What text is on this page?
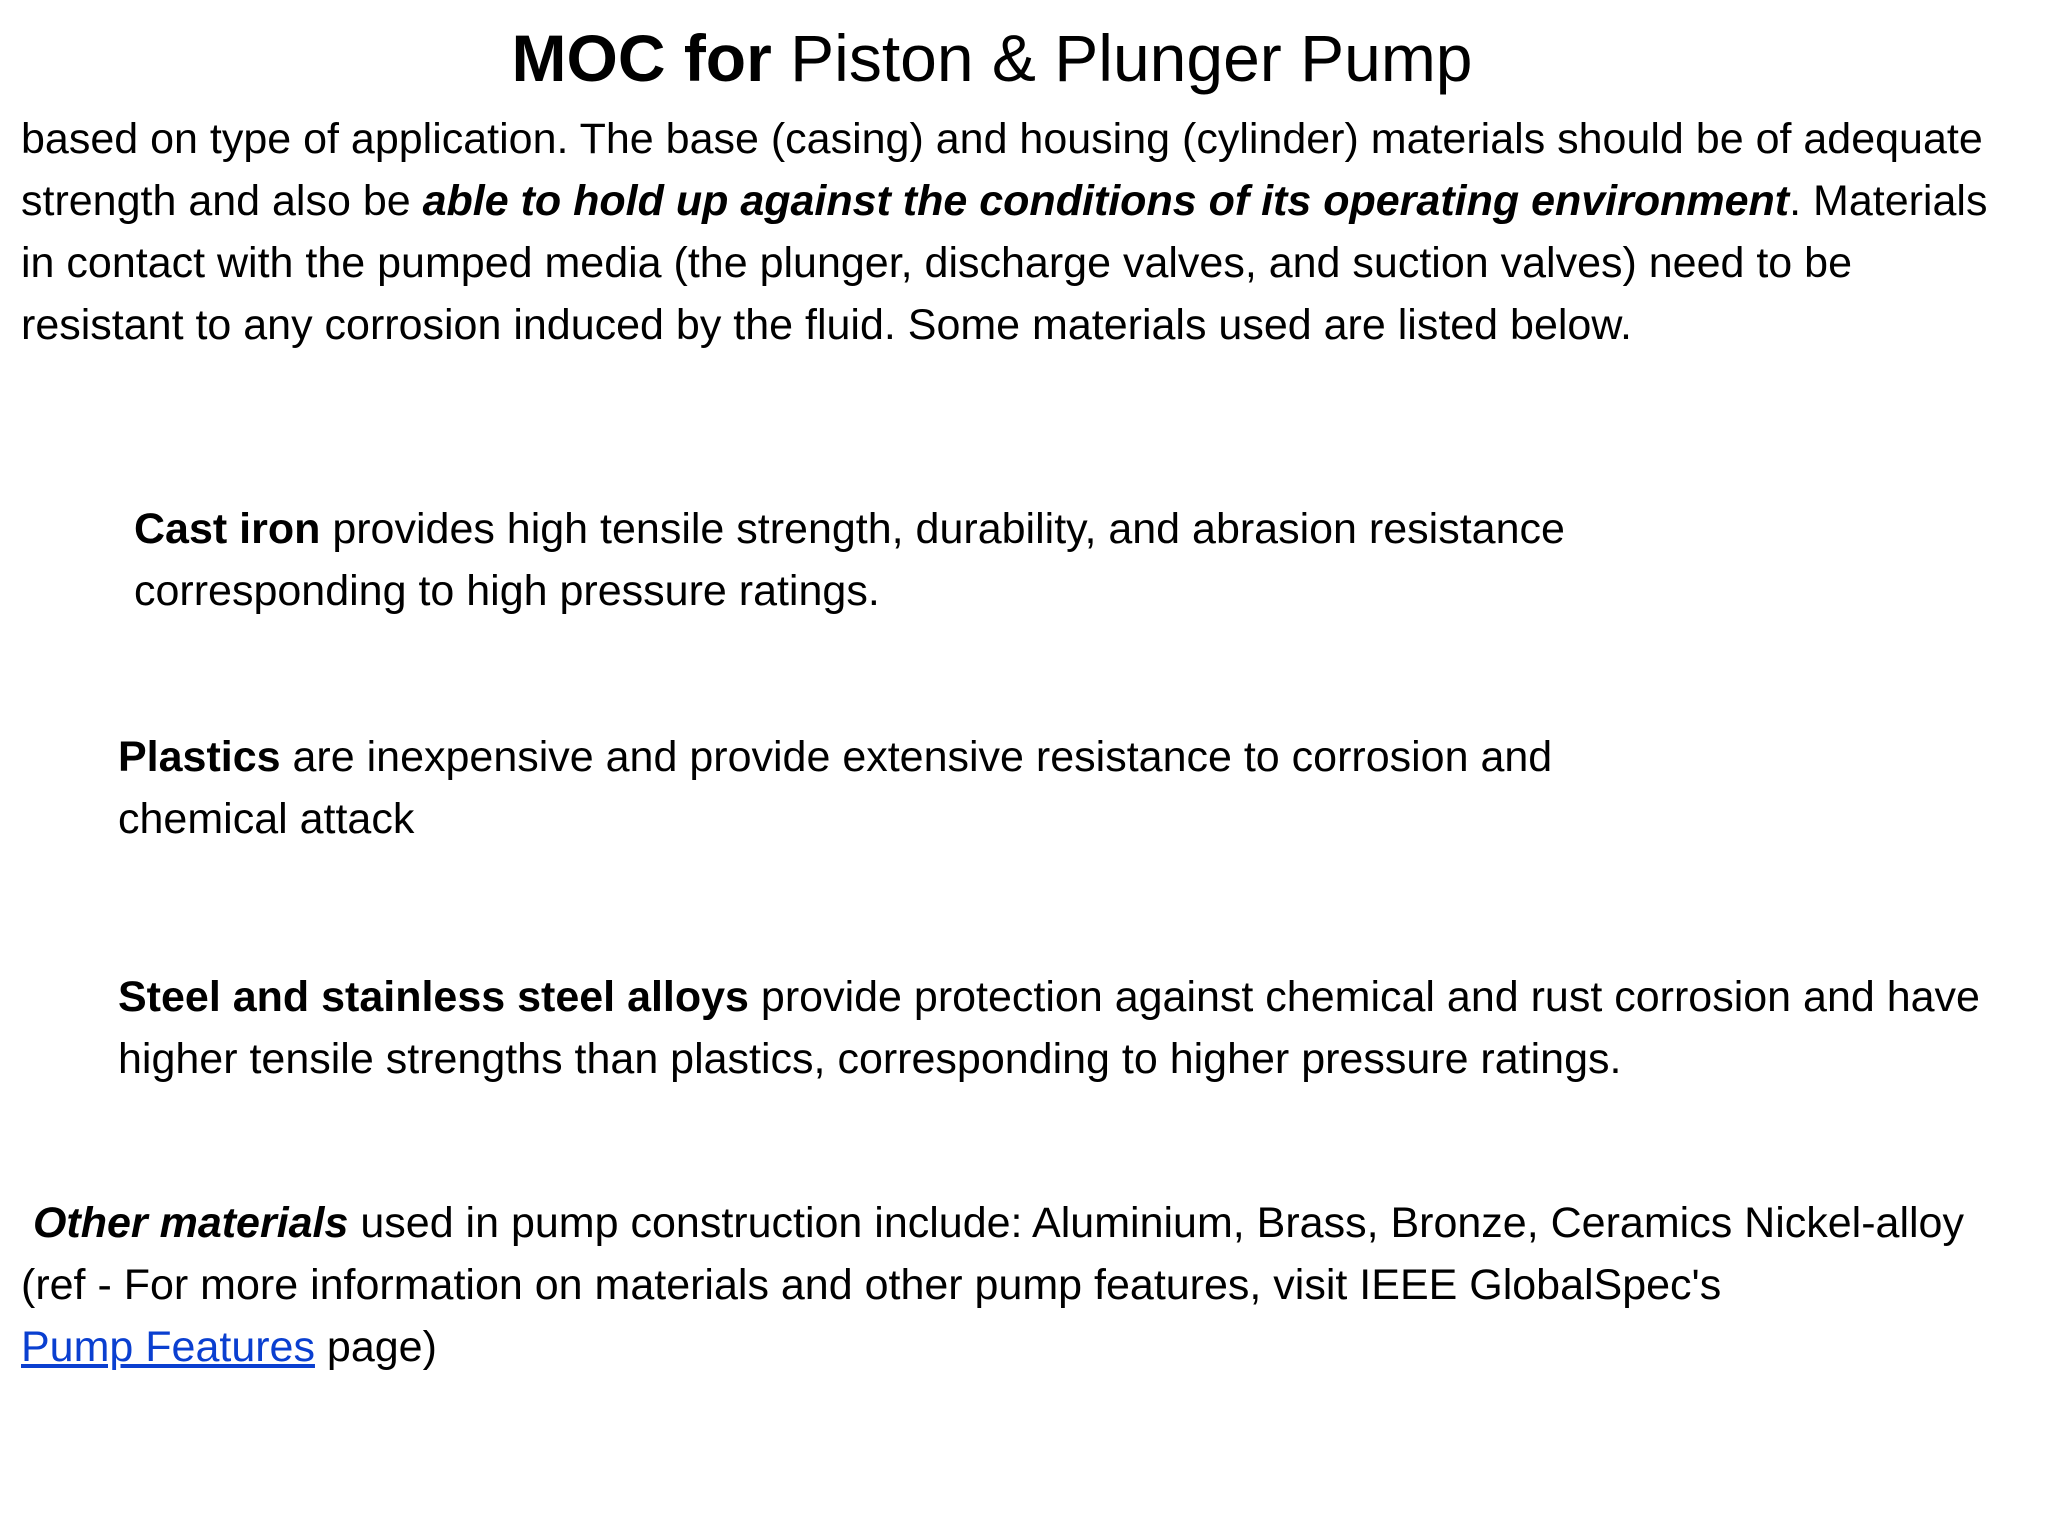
MOC for Piston & Plunger Pump
based on type of application. The base (casing) and housing (cylinder) materials should be of adequate strength and also be able to hold up against the conditions of its operating environment. Materials in contact with the pumped media (the plunger, discharge valves, and suction valves) need to be resistant to any corrosion induced by the fluid. Some materials used are listed below.
Cast iron provides high tensile strength, durability, and abrasion resistance corresponding to high pressure ratings.
Plastics are inexpensive and provide extensive resistance to corrosion and chemical attack
Steel and stainless steel alloys provide protection against chemical and rust corrosion and have higher tensile strengths than plastics, corresponding to higher pressure ratings.
Other materials used in pump construction include: Aluminium, Brass, Bronze, Ceramics Nickel-alloy
(ref - For more information on materials and other pump features, visit IEEE GlobalSpec's
Pump Features page)
